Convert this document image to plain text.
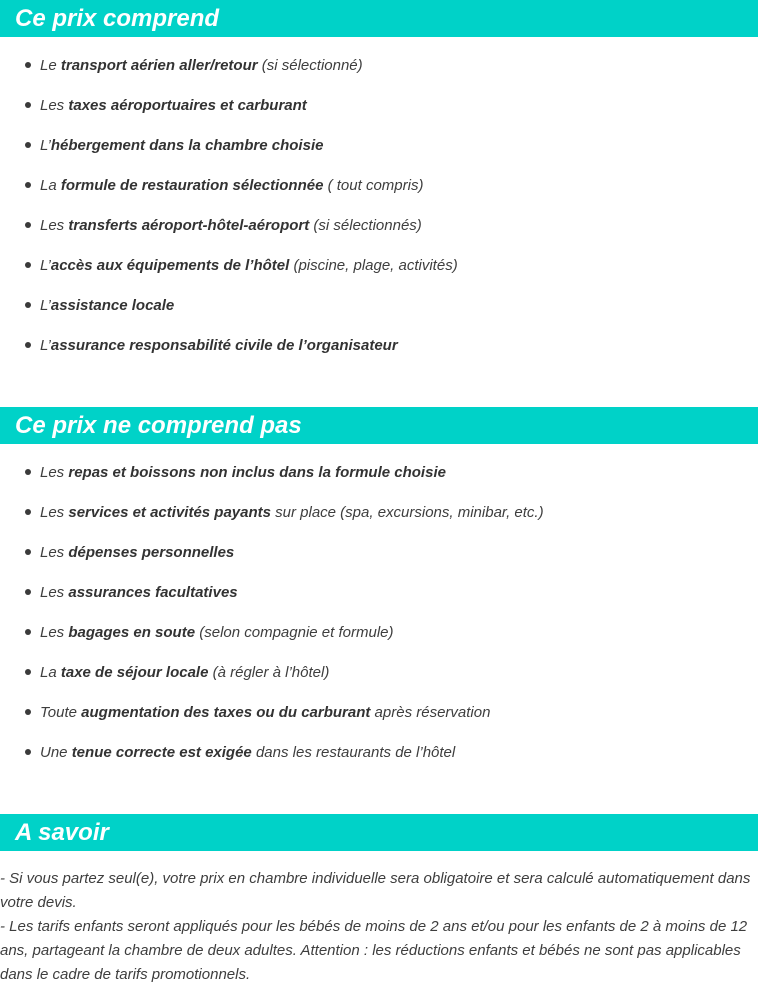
Ce prix comprend
Le transport aérien aller/retour (si sélectionné)
Les taxes aéroportuaires et carburant
L’hébergement dans la chambre choisie
La formule de restauration sélectionnée ( tout compris)
Les transferts aéroport-hôtel-aéroport (si sélectionnés)
L’accès aux équipements de l’hôtel (piscine, plage, activités)
L’assistance locale
L’assurance responsabilité civile de l’organisateur
Ce prix ne comprend pas
Les repas et boissons non inclus dans la formule choisie
Les services et activités payants sur place (spa, excursions, minibar, etc.)
Les dépenses personnelles
Les assurances facultatives
Les bagages en soute (selon compagnie et formule)
La taxe de séjour locale (à régler à l’hôtel)
Toute augmentation des taxes ou du carburant après réservation
Une tenue correcte est exigée dans les restaurants de l’hôtel
A savoir

- Si vous partez seul(e), votre prix en chambre individuelle sera obligatoire et sera calculé automatiquement dans votre devis.

- Les tarifs enfants seront appliqués pour les bébés de moins de 2 ans et/ou pour les enfants de 2 à moins de 12 ans, partageant la chambre de deux adultes. Attention : les réductions enfants et bébés ne sont pas applicables dans le cadre de tarifs promotionnels.
